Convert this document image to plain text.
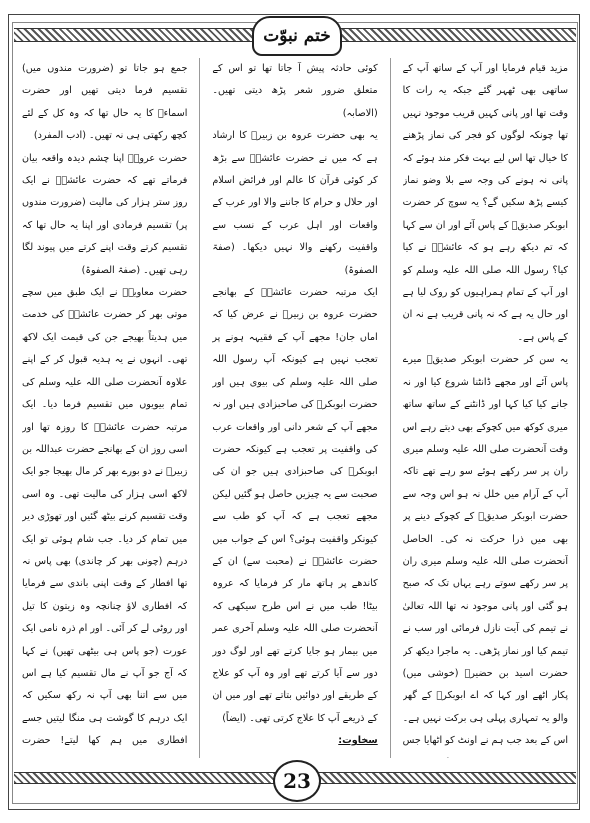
ختم نبوّت

مزید قیام فرمایا اور آپ کے ساتھ آپ کے ساتھی بھی ٹھہر گئے جبکہ یہ رات کا وقت تھا اور پانی کہیں قریب موجود نہیں تھا چونکہ لوگوں کو فجر کی نماز پڑھنے کا خیال تھا اس لیے بہت فکر مند ہوئے کہ پانی نہ ہونے کی وجہ سے بلا وضو نماز کیسے پڑھ سکیں گے؟ یہ سوچ کر حضرت ابوبکر صدیقؓ کے پاس آئے اور ان سے کہا کہ تم دیکھ رہے ہو کہ عائشہؓ نے کیا کیا؟ رسول اللہ صلی اللہ علیہ وسلم کو اور آپ کے تمام ہمراہیوں کو روک لیا ہے اور حال یہ ہے کہ نہ پانی قریب ہے نہ ان کے پاس ہے۔

یہ سن کر حضرت ابوبکر صدیقؓ میرے پاس آئے اور مجھے ڈانٹنا شروع کیا اور نہ جانے کیا کیا کہا اور ڈانٹنے کے ساتھ ساتھ میری کوکھ میں کچوکے بھی دیتے رہے اس وقت آنحضرت صلی اللہ علیہ وسلم میری ران پر سر رکھے ہوئے سو رہے تھے تاکہ آپ کے آرام میں خلل نہ ہو اس وجہ سے حضرت ابوبکر صدیقؓ کے کچوکے دینے پر بھی میں ذرا حرکت نہ کی۔ الحاصل آنحضرت صلی اللہ علیہ وسلم میری ران پر سر رکھے سوتے رہے یہاں تک کہ صبح ہو گئی اور پانی موجود نہ تھا اللہ تعالیٰ نے تیمم کی آیت نازل فرمائی اور سب نے تیمم کیا اور نماز پڑھی۔ یہ ماجرا دیکھ کر حضرت اسید بن حضیرؓ (خوشی میں) پکار اٹھے اور کہا کہ اے ابوبکرؓ کے گھر والو یہ تمہاری پہلی ہی برکت نہیں ہے۔ اس کے بعد جب ہم نے اونٹ کو اٹھایا جس

کوئی حادثہ پیش آ جاتا تھا تو اس کے متعلق ضرور شعر پڑھ دیتی تھیں۔ (الاصابہ)

یہ بھی حضرت عروہ بن زبیرؓ کا ارشاد ہے کہ میں نے حضرت عائشہؓ سے بڑھ کر کوئی قرآن کا عالم اور فرائض اسلام اور حلال و حرام کا جاننے والا اور عرب کے واقعات اور اہل عرب کے نسب سے واقفیت رکھنے والا نہیں دیکھا۔ (صفۃ الصفوۃ)

ایک مرتبہ حضرت عائشہؓ کے بھانجے حضرت عروہ بن زبیرؓ نے عرض کیا کہ اماں جان! مجھے آپ کے فقیہہ ہونے پر تعجب نہیں ہے کیونکہ آپ رسول اللہ صلی اللہ علیہ وسلم کی بیوی ہیں اور حضرت ابوبکرؓ کی صاحبزادی ہیں اور نہ مجھے آپ کے شعر دانی اور واقعات عرب کی واقفیت پر تعجب ہے کیونکہ حضرت ابوبکرؓ کی صاحبزادی ہیں جو ان کی صحبت سے یہ چیزیں حاصل ہو گئیں لیکن مجھے تعجب ہے کہ آپ کو طب سے کیونکر واقفیت ہوئی؟ اس کے جواب میں حضرت عائشہؓ نے (محبت سے) ان کے کاندھے پر ہاتھ مار کر فرمایا کہ عروہ بیٹا! طب میں نے اس طرح سیکھی کہ آنحضرت صلی اللہ علیہ وسلم آخری عمر میں بیمار ہو جایا کرتے تھے اور لوگ دور دور سے آیا کرتے تھے اور وہ آپ کو علاج کے طریقے اور دوائیں بتاتے تھے اور میں ان کے ذریعے آپ کا علاج کرتی تھی۔ (ایضاً)

سخاوت:

جمع ہو جاتا تو (ضرورت مندوں میں) تقسیم فرما دیتی تھیں اور حضرت اسماءؓ کا یہ حال تھا کہ وہ کل کے لئے کچھ رکھتی ہی نہ تھیں۔ (ادب المفرد)

حضرت عروہؓ اپنا چشم دیدہ واقعہ بیان فرماتے تھے کہ حضرت عائشہؓ نے ایک روز ستر ہزار کی مالیت (ضرورت مندوں پر) تقسیم فرمادی اور اپنا یہ حال تھا کہ تقسیم کرتے وقت اپنے کرتے میں پیوند لگا رہی تھیں۔ (صفۃ الصفوۃ)

حضرت معاویہؓ نے ایک طبق میں سچے موتی بھر کر حضرت عائشہؓ کی خدمت میں ہدیتاً بھیجے جن کی قیمت ایک لاکھ تھی۔ انہوں نے یہ ہدیہ قبول کر کے اپنے علاوہ آنحضرت صلی اللہ علیہ وسلم کی تمام بیویوں میں تقسیم فرما دیا۔ ایک مرتبہ حضرت عائشہؓ کا روزہ تھا اور اسی روز ان کے بھانجے حضرت عبداللہ بن زبیرؓ نے دو بورے بھر کر مال بھیجا جو ایک لاکھ اسی ہزار کی مالیت تھی۔ وہ اسی وقت تقسیم کرنے بیٹھ گئیں اور تھوڑی دیر میں تمام کر دیا۔ جب شام ہوئی تو ایک درہم (چونی بھر کر چاندی) بھی پاس نہ تھا افطار کے وقت اپنی باندی سے فرمایا کہ افطاری لاؤ چنانچہ وہ زیتون کا تیل اور روٹی لے کر آئی۔ اور ام ذرہ نامی ایک عورت (جو پاس ہی بیٹھی تھیں) نے کہا کہ آج جو آپ نے مال تقسیم کیا ہے اس میں سے اتنا بھی آپ نہ رکھ سکیں کہ ایک درہم کا گوشت ہی منگا لیتیں جسے افطاری میں ہم کھا لیتے! حضرت

23
